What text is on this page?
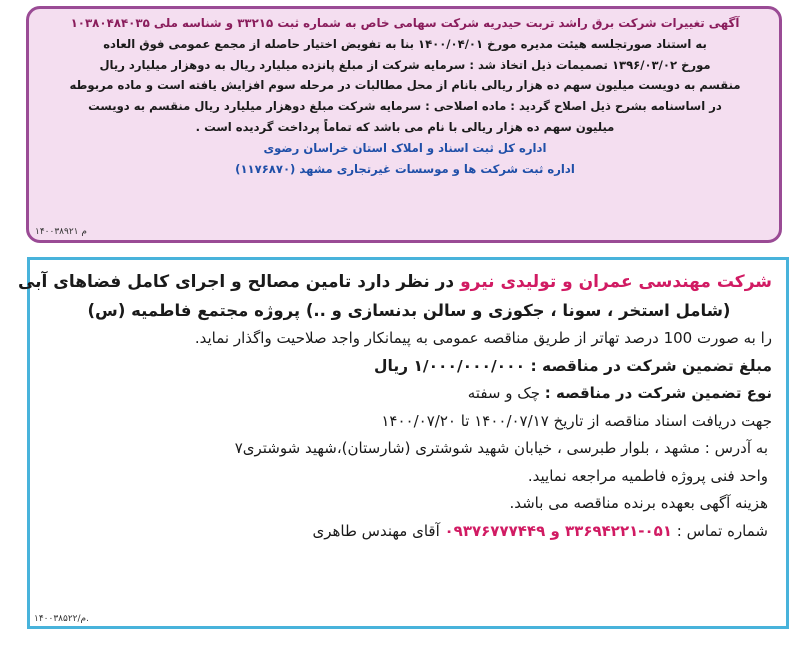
آگهی تغییرات شرکت برق راشد تربت حیدریه شرکت سهامی خاص به شماره ثبت ۳۳۲۱۵ و شناسه ملی ۱۰۳۸۰۴۸۴۰۳۵
به استناد صورتجلسه هیئت مدیره مورخ ۱۴۰۰/۰۴/۰۱ بنا به تفویض اختیار حاصله از مجمع عمومی فوق العاده
مورخ ۱۳۹۶/۰۳/۰۲ تصمیمات ذیل اتخاذ شد : سرمایه شرکت از مبلغ پانزده میلیارد ریال به دوهزار میلیارد ریال
منقسم به دویست میلیون سهم ده هزار ریالی بانام از محل مطالبات در مرحله سوم افزایش یافته است و ماده مربوطه
در اساسنامه بشرح ذیل اصلاح گردید : ماده اصلاحی : سرمایه شرکت مبلغ دوهزار میلیارد ریال منقسم به دویست
میلیون سهم ده هزار ریالی با نام می باشد که تماماً پرداخت گردیده است .
اداره کل ثبت اسناد و املاک استان خراسان رضوی
اداره ثبت شرکت ها و موسسات غیرتجاری مشهد (۱۱۷۶۸۷۰)
۱۴۰۰۳۸۹۲۱ م
شرکت مهندسی عمران و تولیدی نیرو در نظر دارد تامین مصالح و اجرای کامل فضاهای آبی
(شامل استخر ، سونا ، جکوزی و سالن بدنسازی و ..) پروژه مجتمع فاطمیه (س)
را به صورت 100 درصد تهاتر از طریق مناقصه عمومی به پیمانکار واجد صلاحیت واگذار نماید.
مبلغ تضمین شرکت در مناقصه : ۱/۰۰۰/۰۰۰/۰۰۰ ریال
نوع تضمین شرکت در مناقصه : چک و سفته
جهت دریافت اسناد مناقصه از تاریخ ۱۴۰۰/۰۷/۱۷ تا ۱۴۰۰/۰۷/۲۰
به آدرس : مشهد ، بلوار طبرسی ، خیابان شهید شوشتری (شارستان)،شهید شوشتری۷
واحد فنی پروژه فاطمیه مراجعه نمایید.
هزینه آگهی بعهده برنده مناقصه می باشد.
شماره تماس : ۰۵۱-۳۳۶۹۴۲۲۱ و ۰۹۳۷۶۷۷۷۴۴۹ آقای مهندس طاهری
۱۴۰۰۳۸۵۲۲/م.
